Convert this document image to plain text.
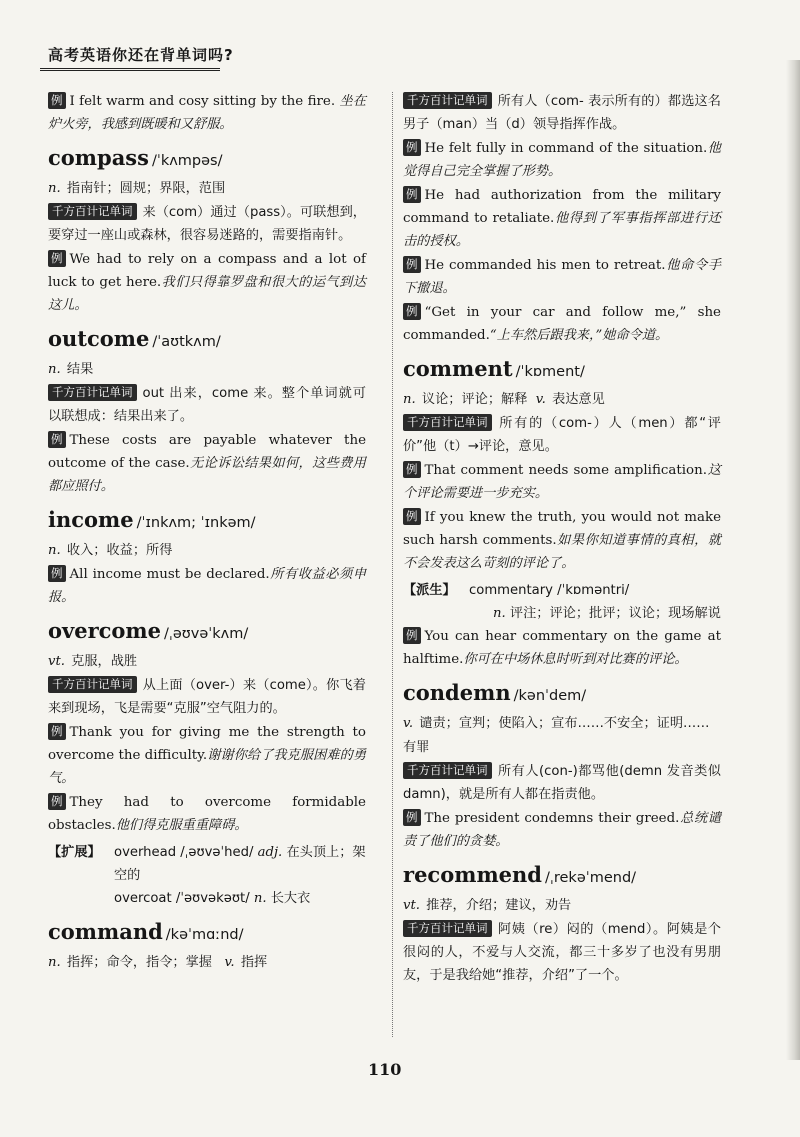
高考英语你还在背单词吗?
例 I felt warm and cosy sitting by the fire. 坐在炉火旁，我感到既暖和又舒服。
compass /ˈkʌmpəs/
n. 指南针；圆规；界限，范围
千方百计记单词 来（com）通过（pass）。可联想到，要穿过一座山或森林，很容易迷路的，需要指南针。
例 We had to rely on a compass and a lot of luck to get here.我们只得靠罗盘和很大的运气到达这儿。
outcome /ˈaʊtkʌm/
n. 结果
千方百计记单词 out 出来，come 来。整个单词就可以联想成：结果出来了。
例 These costs are payable whatever the outcome of the case.无论诉讼结果如何，这些费用都应照付。
income /ˈɪnkʌm; ˈɪnkəm/
n. 收入；收益；所得
例 All income must be declared.所有收益必须申报。
overcome /ˌəʊvəˈkʌm/
vt. 克服，战胜
千方百计记单词 从上面（over-）来（come）。你飞着来到现场，飞是需要“克服”空气阻力的。
例 Thank you for giving me the strength to overcome the difficulty.谢谢你给了我克服困难的勇气。
例 They had to overcome formidable obstacles.他们得克服重重障碍。
【扩展】	overhead /ˌəʊvəˈhed/ adj. 在头顶上；架空的
overcoat /ˈəʊvəkəʊt/ n. 长大衣
command /kəˈmɑːnd/
n. 指挥；命令，指令；掌握 v. 指挥
千方百计记单词 所有人（com- 表示所有的）都选这名男子（man）当（d）领导指挥作战。
例 He felt fully in command of the situation.他觉得自己完全掌握了形势。
例 He had authorization from the military command to retaliate.他得到了军事指挥部进行还击的授权。
例 He commanded his men to retreat.他命令手下撤退。
例 “Get in your car and follow me,” she commanded.“上车然后跟我来，”她命令道。
comment /ˈkɒment/
n. 议论；评论；解释 v. 表达意见
千方百计记单词 所有的（com-）人（men）都“评价”他（t）→评论，意见。
例 That comment needs some amplification.这个评论需要进一步充实。
例 If you knew the truth, you would not make such harsh comments.如果你知道事情的真相，就不会发表这么苛刻的评论了。
【派生】	commentary /ˈkɒməntri/
n. 评注；评论；批评；议论；现场解说
例 You can hear commentary on the game at halftime.你可在中场休息时听到对比赛的评论。
condemn /kənˈdem/
v. 谴责；宣判；使陷入；宣布……不安全；证明……有罪
千方百计记单词 所有人(con-)都骂他(demn 发音类似 damn)，就是所有人都在指责他。
例 The president condemns their greed.总统谴责了他们的贪婪。
recommend /ˌrekəˈmend/
vt. 推荐，介绍；建议，劝告
千方百计记单词 阿姨（re）闷的（mend）。阿姨是个很闷的人，不爱与人交流，都三十多岁了也没有男朋友，于是我给她“推荐，介绍”了一个。
110
